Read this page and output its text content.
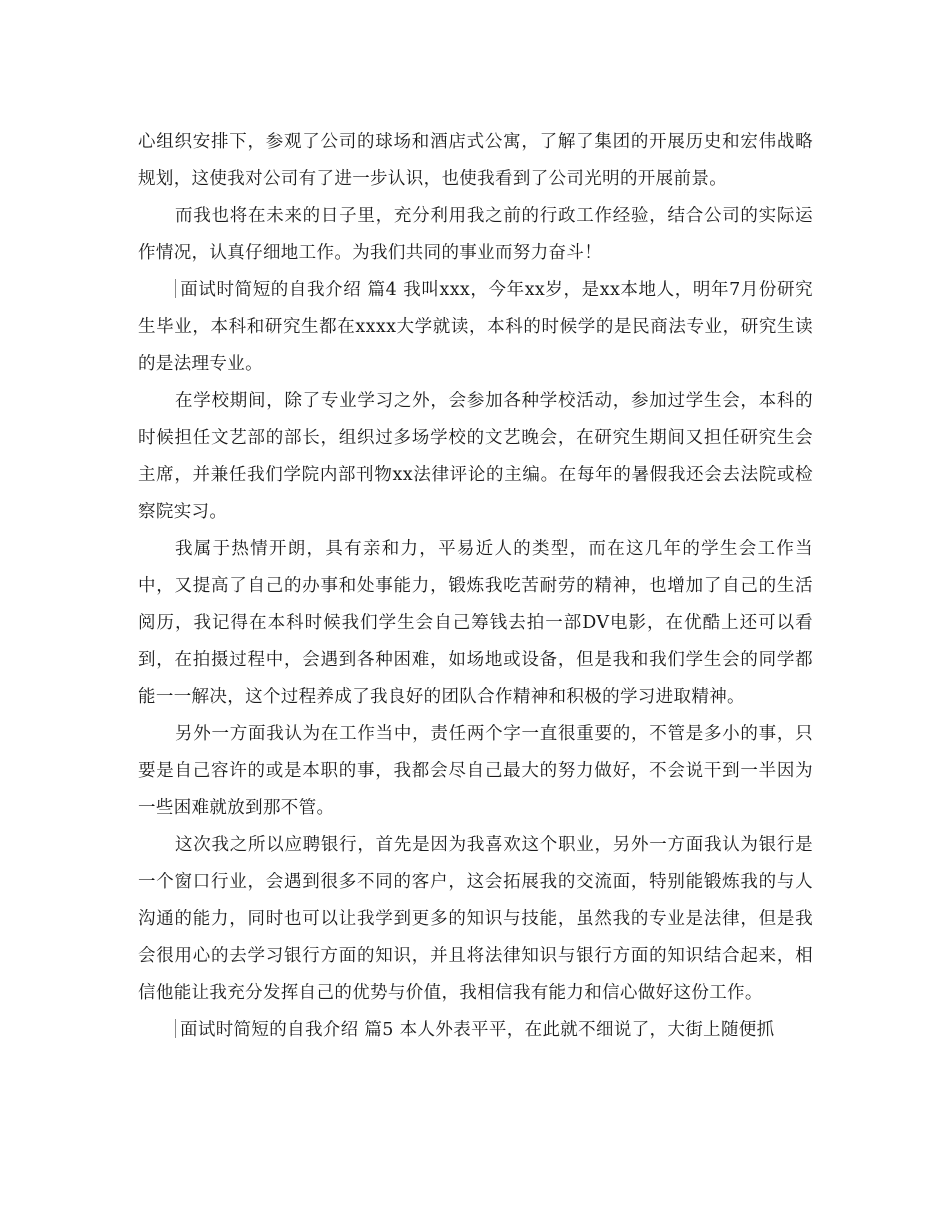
心组织安排下，参观了公司的球场和酒店式公寓，了解了集团的开展历史和宏伟战略规划，这使我对公司有了进一步认识，也使我看到了公司光明的开展前景。

而我也将在未来的日子里，充分利用我之前的行政工作经验，结合公司的实际运作情况，认真仔细地工作。为我们共同的事业而努力奋斗！

面试时简短的自我介绍 篇4 我叫xxx，今年xx岁，是xx本地人，明年7月份研究生毕业，本科和研究生都在xxxx大学就读，本科的时候学的是民商法专业，研究生读的是法理专业。

在学校期间，除了专业学习之外，会参加各种学校活动，参加过学生会，本科的时候担任文艺部的部长，组织过多场学校的文艺晚会，在研究生期间又担任研究生会主席，并兼任我们学院内部刊物xx法律评论的主编。在每年的暑假我还会去法院或检察院实习。

我属于热情开朗，具有亲和力，平易近人的类型，而在这几年的学生会工作当中，又提高了自己的办事和处事能力，锻炼我吃苦耐劳的精神，也增加了自己的生活阅历，我记得在本科时候我们学生会自己筹钱去拍一部DV电影，在优酷上还可以看到，在拍摄过程中，会遇到各种困难，如场地或设备，但是我和我们学生会的同学都能一一解决，这个过程养成了我良好的团队合作精神和积极的学习进取精神。

另外一方面我认为在工作当中，责任两个字一直很重要的，不管是多小的事，只要是自己容许的或是本职的事，我都会尽自己最大的努力做好，不会说干到一半因为一些困难就放到那不管。

这次我之所以应聘银行，首先是因为我喜欢这个职业，另外一方面我认为银行是一个窗口行业，会遇到很多不同的客户，这会拓展我的交流面，特别能锻炼我的与人沟通的能力，同时也可以让我学到更多的知识与技能，虽然我的专业是法律，但是我会很用心的去学习银行方面的知识，并且将法律知识与银行方面的知识结合起来，相信他能让我充分发挥自己的优势与价值，我相信我有能力和信心做好这份工作。

面试时简短的自我介绍 篇5 本人外表平平，在此就不细说了，大街上随便抓
